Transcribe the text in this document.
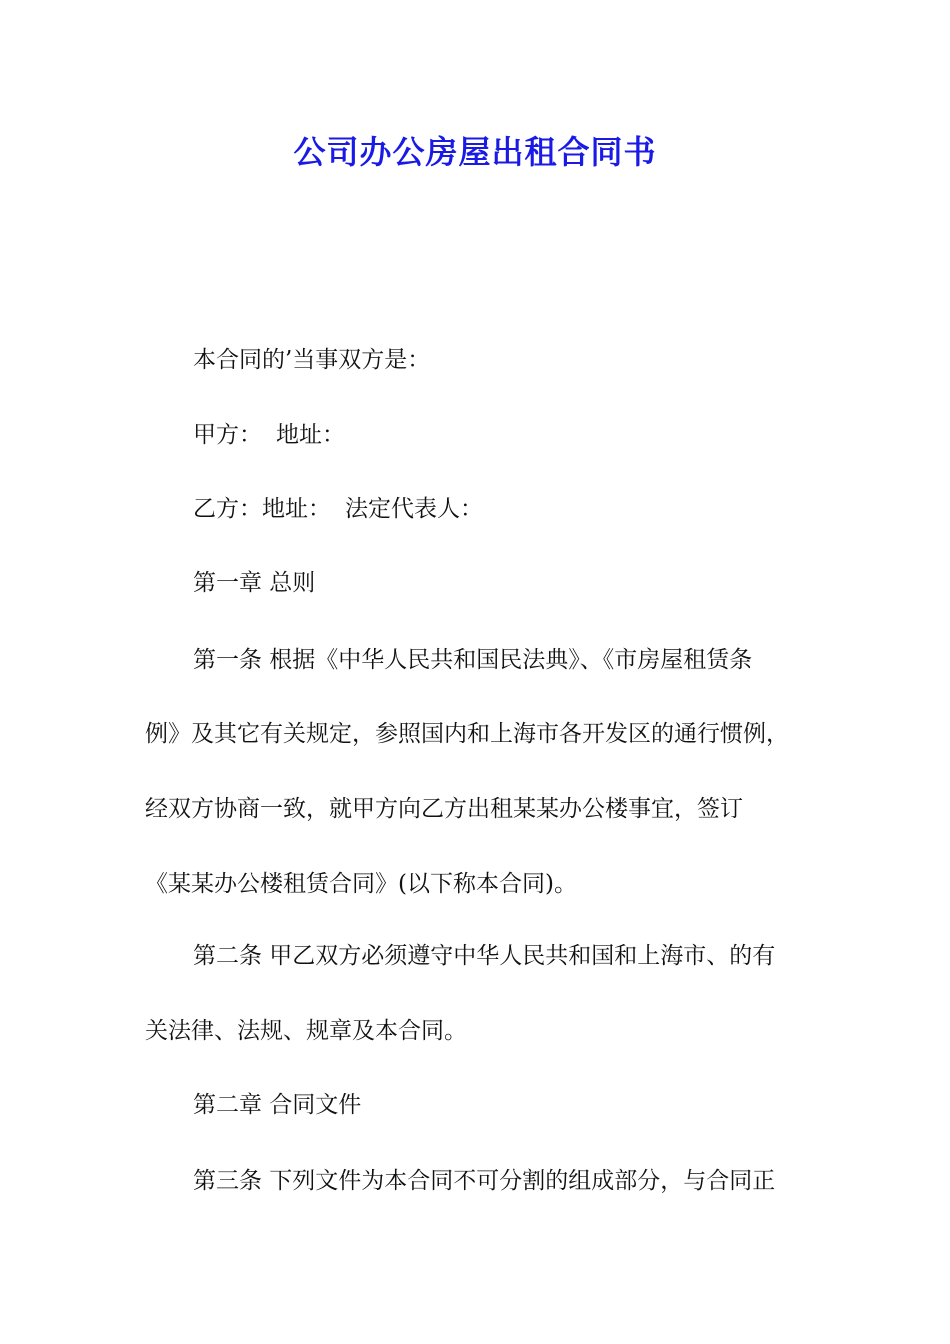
公司办公房屋出租合同书
本合同的’当事双方是：
甲方： 地址：
乙方：地址： 法定代表人：
第一章 总则
第一条 根据《中华人民共和国民法典》、《市房屋租赁条
例》及其它有关规定，参照国内和上海市各开发区的通行惯例，
经双方协商一致，就甲方向乙方出租某某办公楼事宜，签订
《某某办公楼租赁合同》(以下称本合同)。
第二条 甲乙双方必须遵守中华人民共和国和上海市、的有
关法律、法规、规章及本合同。
第二章 合同文件
第三条 下列文件为本合同不可分割的组成部分，与合同正
